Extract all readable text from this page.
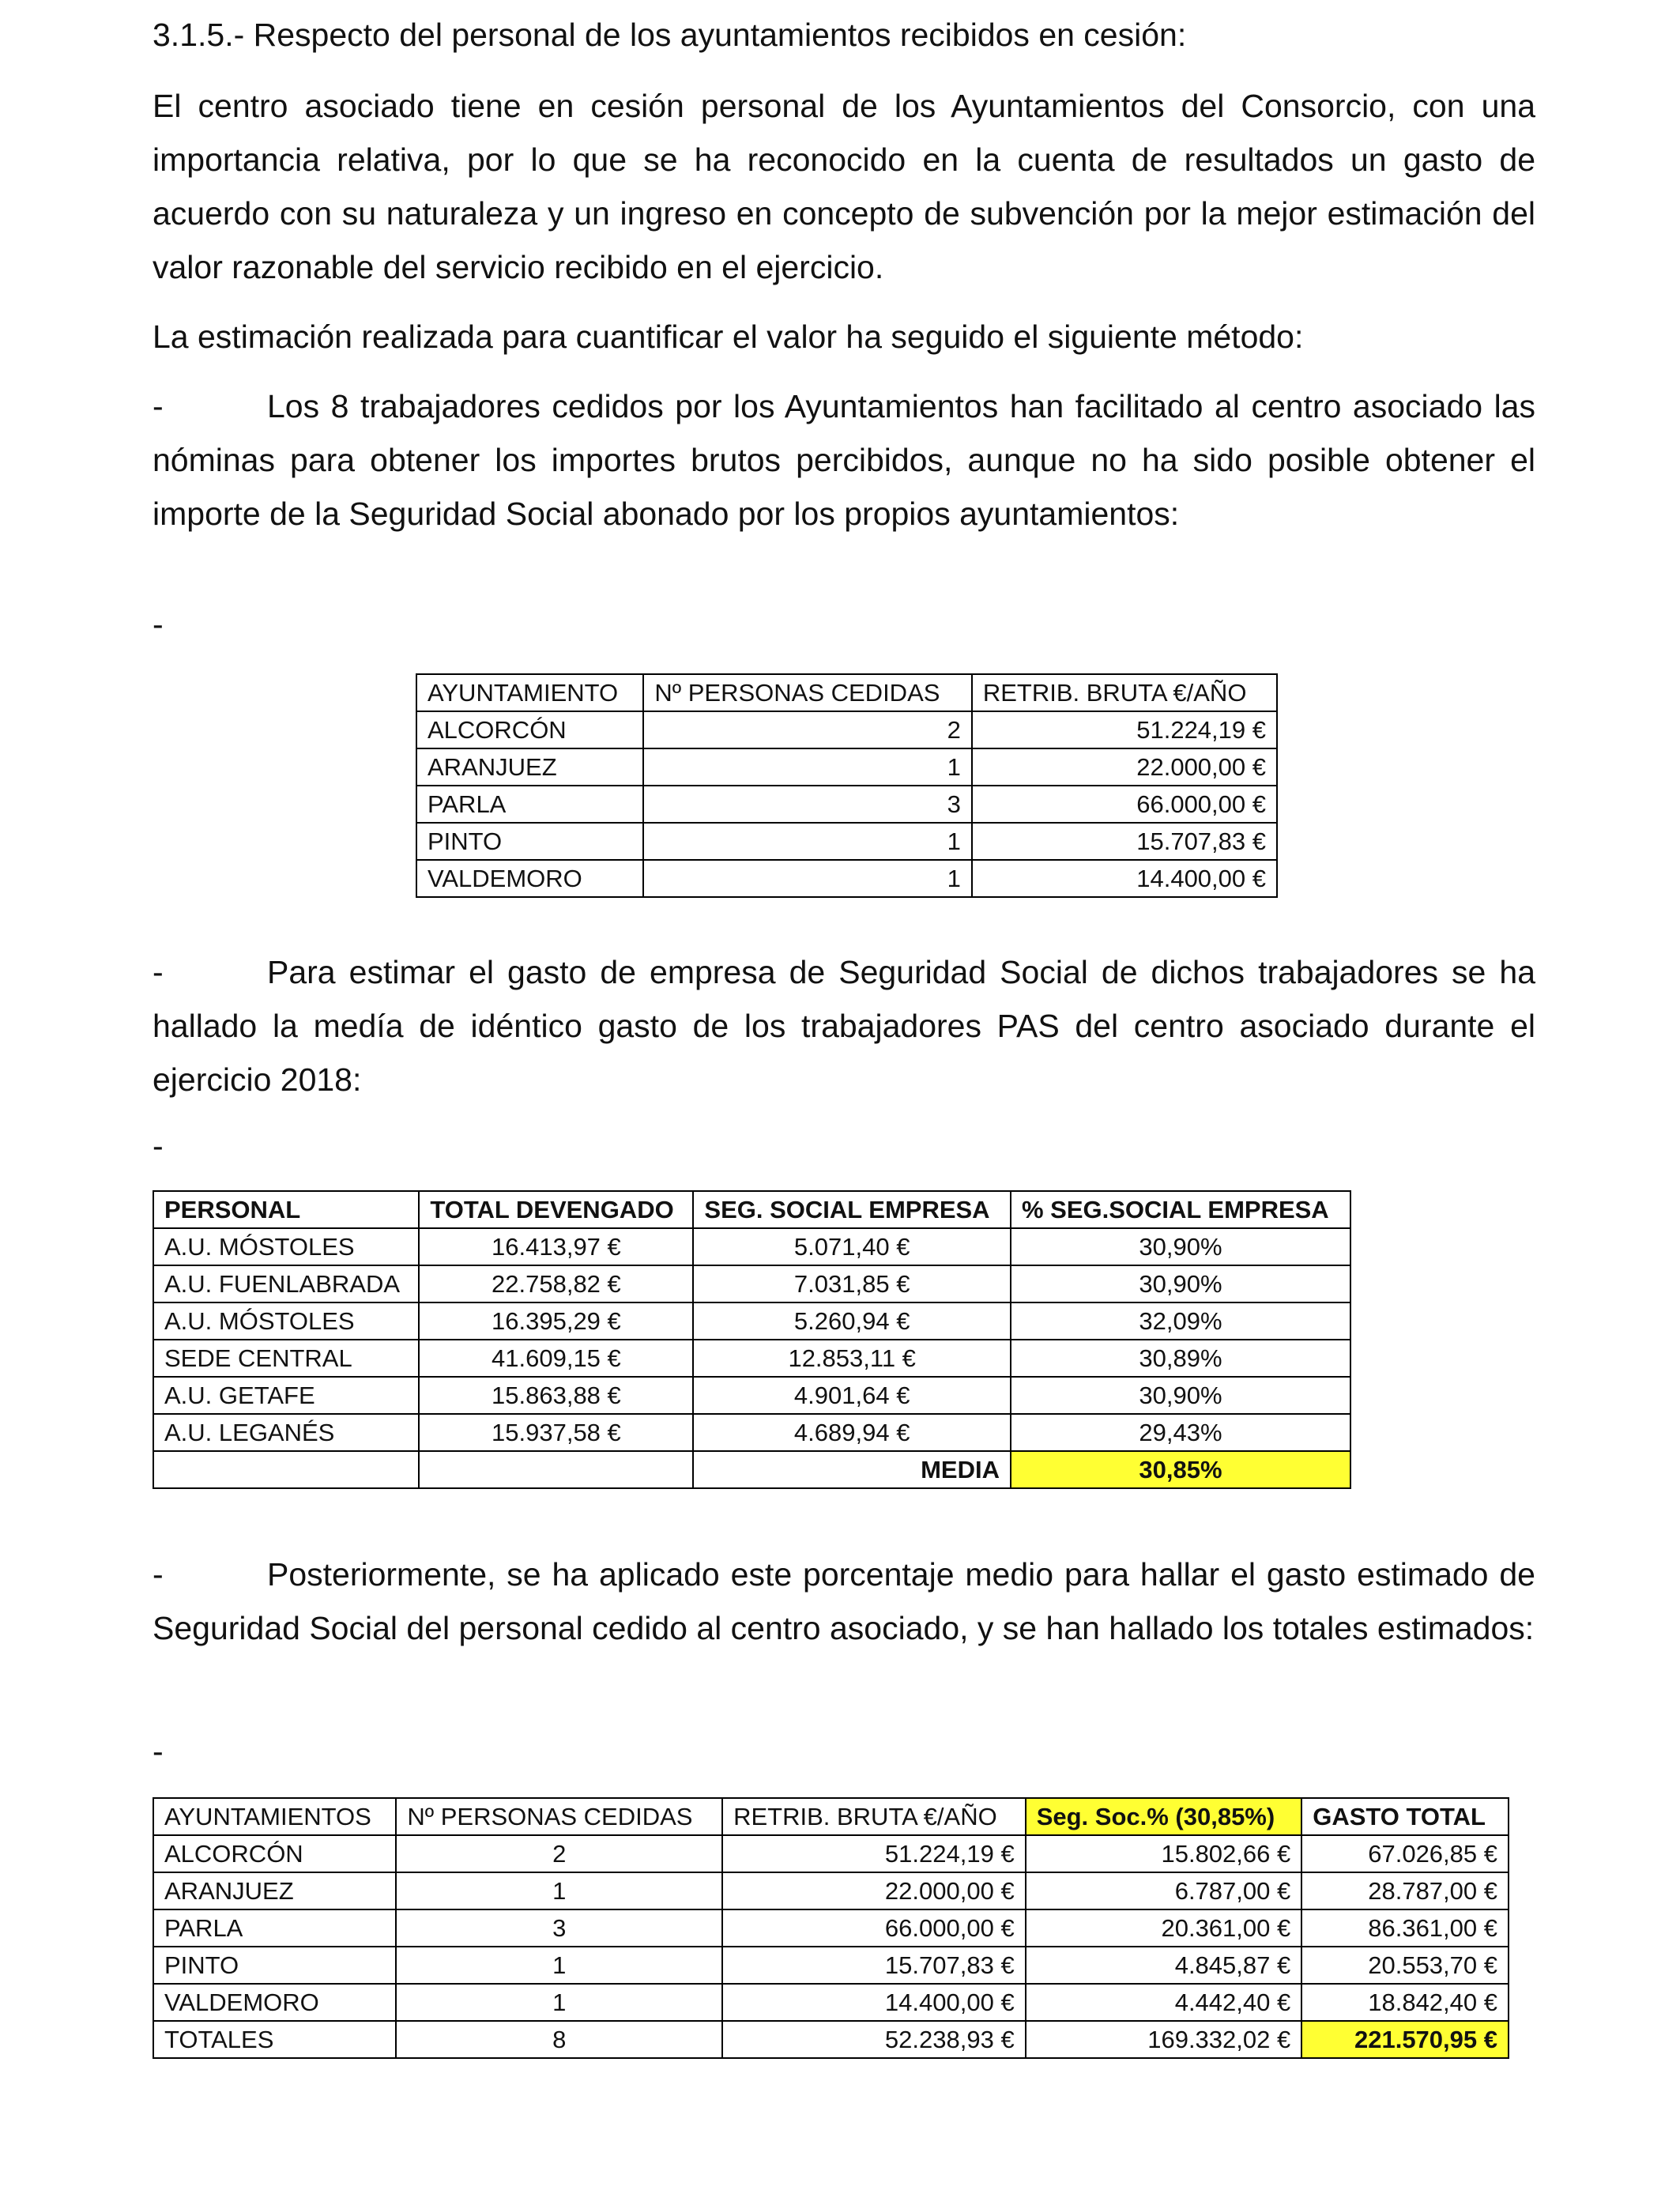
3.1.5.- Respecto del personal de los ayuntamientos recibidos en cesión:
El centro asociado tiene en cesión personal de los Ayuntamientos del Consorcio, con una importancia relativa, por lo que se ha reconocido en la cuenta de resultados un gasto de acuerdo con su naturaleza y un ingreso en concepto de subvención por la mejor estimación del valor razonable del servicio recibido en el ejercicio.
La estimación realizada para cuantificar el valor ha seguido el siguiente método:
-	Los 8 trabajadores cedidos por los Ayuntamientos han facilitado al centro asociado las nóminas para obtener los importes brutos percibidos, aunque no ha sido posible obtener el importe de la Seguridad Social abonado por los propios ayuntamientos:
-
AYUNTAMIENTO	Nº PERSONAS CEDIDAS	RETRIB. BRUTA €/AÑO
ALCORCÓN	2	51.224,19 €
ARANJUEZ	1	22.000,00 €
PARLA	3	66.000,00 €
PINTO	1	15.707,83 €
VALDEMORO	1	14.400,00 €
-	Para estimar el gasto de empresa de Seguridad Social de dichos trabajadores se ha hallado la medía de idéntico gasto de los trabajadores PAS del centro asociado durante el ejercicio 2018:
-
PERSONAL	TOTAL DEVENGADO	SEG. SOCIAL EMPRESA	% SEG.SOCIAL EMPRESA
A.U. MÓSTOLES	16.413,97 €	5.071,40 €	30,90%
A.U. FUENLABRADA	22.758,82 €	7.031,85 €	30,90%
A.U. MÓSTOLES	16.395,29 €	5.260,94 €	32,09%
SEDE CENTRAL	41.609,15 €	12.853,11 €	30,89%
A.U. GETAFE	15.863,88 €	4.901,64 €	30,90%
A.U. LEGANÉS	15.937,58 €	4.689,94 €	29,43%
		MEDIA	30,85%
-	Posteriormente, se ha aplicado este porcentaje medio para hallar el gasto estimado de Seguridad Social del personal cedido al centro asociado, y se han hallado los totales estimados:
-
AYUNTAMIENTOS	Nº PERSONAS CEDIDAS	RETRIB. BRUTA €/AÑO	Seg. Soc.% (30,85%)	GASTO TOTAL
ALCORCÓN	2	51.224,19 €	15.802,66 €	67.026,85 €
ARANJUEZ	1	22.000,00 €	6.787,00 €	28.787,00 €
PARLA	3	66.000,00 €	20.361,00 €	86.361,00 €
PINTO	1	15.707,83 €	4.845,87 €	20.553,70 €
VALDEMORO	1	14.400,00 €	4.442,40 €	18.842,40 €
TOTALES	8	52.238,93 €	169.332,02 €	221.570,95 €
